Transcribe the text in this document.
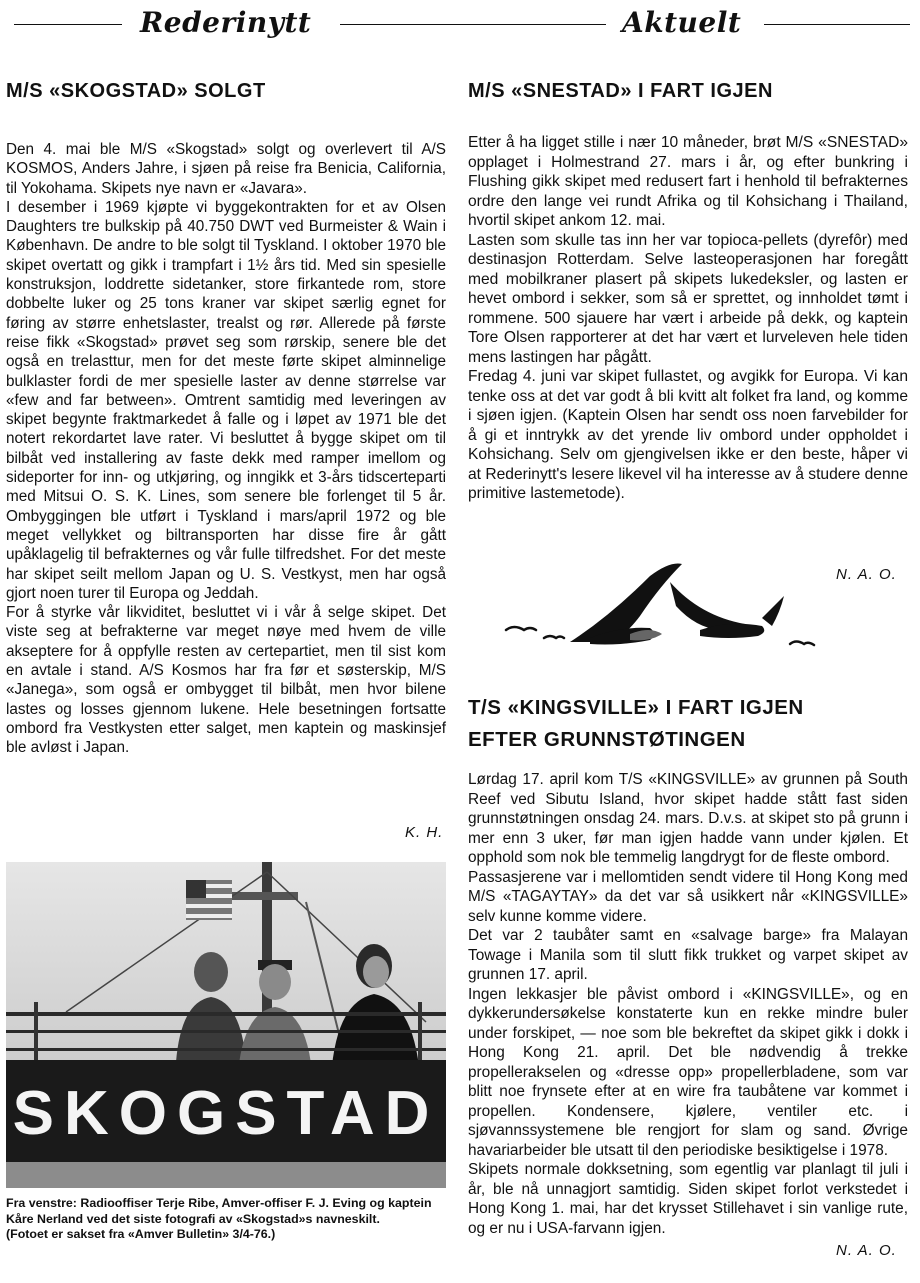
Rederinytt	Aktuelt
M/S «SKOGSTAD» SOLGT

Den 4. mai ble M/S «Skogstad» solgt og overlevert til A/S KOSMOS, Anders Jahre, i sjøen på reise fra Benicia, California, til Yokohama. Skipets nye navn er «Javara».

I desember i 1969 kjøpte vi byggekontrakten for et av Olsen Daughters tre bulkskip på 40.750 DWT ved Burmeister & Wain i København. De andre to ble solgt til Tyskland. I oktober 1970 ble skipet overtatt og gikk i trampfart i 1½ års tid. Med sin spesielle konstruksjon, loddrette sidetanker, store firkantede rom, store dobbelte luker og 25 tons kraner var skipet særlig egnet for føring av større enhetslaster, trealst og rør. Allerede på første reise fikk «Skogstad» prøvet seg som rørskip, senere ble det også en trelasttur, men for det meste førte skipet alminnelige bulklaster fordi de mer spesielle laster av denne størrelse var «few and far between». Omtrent samtidig med leveringen av skipet begynte fraktmarkedet å falle og i løpet av 1971 ble det notert rekordartet lave rater. Vi besluttet å bygge skipet om til bilbåt ved installering av faste dekk med ramper imellom og sideporter for inn- og utkjøring, og inngikk et 3-års tidscerteparti med Mitsui O. S. K. Lines, som senere ble forlenget til 5 år. Ombyggingen ble utført i Tyskland i mars/april 1972 og ble meget vellykket og biltransporten har disse fire år gått upåklagelig til befrakternes og vår fulle tilfredshet. For det meste har skipet seilt mellom Japan og U. S. Vestkyst, men har også gjort noen turer til Europa og Jeddah.

For å styrke vår likviditet, besluttet vi i vår å selge skipet. Det viste seg at befrakterne var meget nøye med hvem de ville akseptere for å oppfylle resten av certepartiet, men til sist kom en avtale i stand. A/S Kosmos har fra før et søsterskip, M/S «Janega», som også er ombygget til bilbåt, men hvor bilene lastes og losses gjennom lukene. Hele besetningen fortsatte ombord fra Vestkysten etter salget, men kaptein og maskinsjef ble avløst i Japan.

K. H.
SKOGSTAD
Fra venstre: Radiooffiser Terje Ribe, Amver-offiser F. J. Eving og kaptein Kåre Nerland ved det siste fotografi av «Skogstad»s navneskilt.
(Fotoet er sakset fra «Amver Bulletin» 3/4-76.)
M/S «SNESTAD» I FART IGJEN

Etter å ha ligget stille i nær 10 måneder, brøt M/S «SNESTAD» opplaget i Holmestrand 27. mars i år, og efter bunkring i Flushing gikk skipet med redusert fart i henhold til befrakternes ordre den lange vei rundt Afrika og til Kohsichang i Thailand, hvortil skipet ankom 12. mai.

Lasten som skulle tas inn her var topioca-pellets (dyrefôr) med destinasjon Rotterdam. Selve lasteoperasjonen har foregått med mobilkraner plasert på skipets lukedeksler, og lasten er hevet ombord i sekker, som så er sprettet, og innholdet tømt i rommene. 500 sjauere har vært i arbeide på dekk, og kaptein Tore Olsen rapporterer at det har vært et lurveleven hele tiden mens lastingen har pågått.

Fredag 4. juni var skipet fullastet, og avgikk for Europa. Vi kan tenke oss at det var godt å bli kvitt alt folket fra land, og komme i sjøen igjen. (Kaptein Olsen har sendt oss noen farvebilder for å gi et inntrykk av det yrende liv ombord under oppholdet i Kohsichang. Selv om gjengivelsen ikke er den beste, håper vi at Rederinytt's lesere likevel vil ha interesse av å studere denne primitive lastemetode).

N. A. O.
T/S «KINGSVILLE» I FART IGJEN
EFTER GRUNNSTØTINGEN

Lørdag 17. april kom T/S «KINGSVILLE» av grunnen på South Reef ved Sibutu Island, hvor skipet hadde stått fast siden grunnstøtningen onsdag 24. mars. D.v.s. at skipet sto på grunn i mer enn 3 uker, før man igjen hadde vann under kjølen. Et opphold som nok ble temmelig langdrygt for de fleste ombord.

Passasjerene var i mellomtiden sendt videre til Hong Kong med M/S «TAGAYTAY» da det var så usikkert når «KINGSVILLE» selv kunne komme videre.

Det var 2 taubåter samt en «salvage barge» fra Malayan Towage i Manila som til slutt fikk trukket og varpet skipet av grunnen 17. april.

Ingen lekkasjer ble påvist ombord i «KINGSVILLE», og en dykkerundersøkelse konstaterte kun en rekke mindre buler under forskipet, — noe som ble bekreftet da skipet gikk i dokk i Hong Kong 21. april. Det ble nødvendig å trekke propellerakselen og «dresse opp» propellerbladene, som var blitt noe frynsete efter at en wire fra taubåtene var kommet i propellen. Kondensere, kjølere, ventiler etc. i sjøvannssystemene ble rengjort for slam og sand. Øvrige havariarbeider ble utsatt til den periodiske besiktigelse i 1978.

Skipets normale dokksetning, som egentlig var planlagt til juli i år, ble nå unnagjort samtidig. Siden skipet forlot verkstedet i Hong Kong 1. mai, har det krysset Stillehavet i sin vanlige rute, og er nu i USA-farvann igjen.

N. A. O.
